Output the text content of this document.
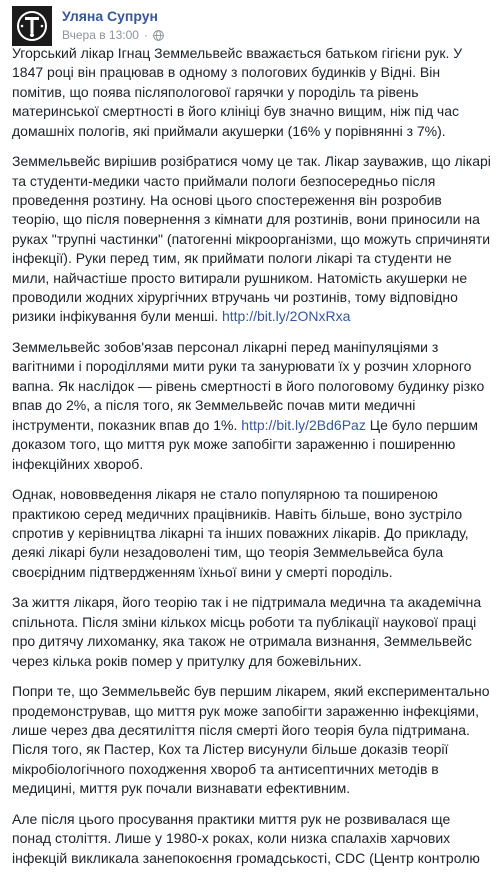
Уляна Супрун
Вчера в 13:00 ·

Угорський лікар Ігнац Земмельвейс вважається батьком гігієни рук. У 1847 році він працював в одному з пологових будинків у Відні. Він помітив, що поява післяпологової гарячки у породіль та рівень материнської смертності в його клініці був значно вищим, ніж під час домашніх пологів, які приймали акушерки (16% у порівнянні з 7%).

Земмельвейс вирішив розібратися чому це так. Лікар зауважив, що лікарі та студенти-медики часто приймали пологи безпосередньо після проведення розтину. На основі цього спостереження він розробив теорію, що після повернення з кімнати для розтинів, вони приносили на руках "трупні частинки" (патогенні мікроорганізми, що можуть спричиняти інфекції). Руки перед тим, як приймати пологи лікарі та студенти не мили, найчастіше просто витирали рушником. Натомість акушерки не проводили жодних хірургічних втручань чи розтинів, тому відповідно ризики інфікування були менші. http://bit.ly/2ONxRxa

Земмельвейс зобов'язав персонал лікарні перед маніпуляціями з вагітними і породіллями мити руки та занурювати їх у розчин хлорного вапна. Як наслідок — рівень смертності в його пологовому будинку різко впав до 2%, а після того, як Земмельвейс почав мити медичні інструменти, показник впав до 1%. http://bit.ly/2Bd6Paz Це було першим доказом того, що миття рук може запобігти зараженню і поширенню інфекційних хвороб.

Однак, нововведення лікаря не стало популярною та поширеною практикою серед медичних працівників. Навіть більше, воно зустріло спротив у керівництва лікарні та інших поважних лікарів. До прикладу, деякі лікарі були незадоволені тим, що теорія Земмельвейса була своєрідним підтвердженням їхньої вини у смерті породіль.

За життя лікаря, його теорію так і не підтримала медична та академічна спільнота. Після зміни кількох місць роботи та публікації наукової праці про дитячу лихоманку, яка також не отримала визнання, Земмельвейс через кілька років помер у притулку для божевільних.

Попри те, що Земмельвейс був першим лікарем, який експериментально продемонстрував, що миття рук може запобігти зараженню інфекціями, лише через два десятиліття після смерті його теорія була підтримана. Після того, як Пастер, Кох та Лістер висунули більше доказів теорії мікробіологічного походження хвороб та антисептичних методів в медицині, миття рук почали визнавати ефективним.

Але після цього просування практики миття рук не розвивалася ще понад століття. Лише у 1980-х роках, коли низка спалахів харчових інфекцій викликала занепокоєння громадськості, CDC (Центр контролю
